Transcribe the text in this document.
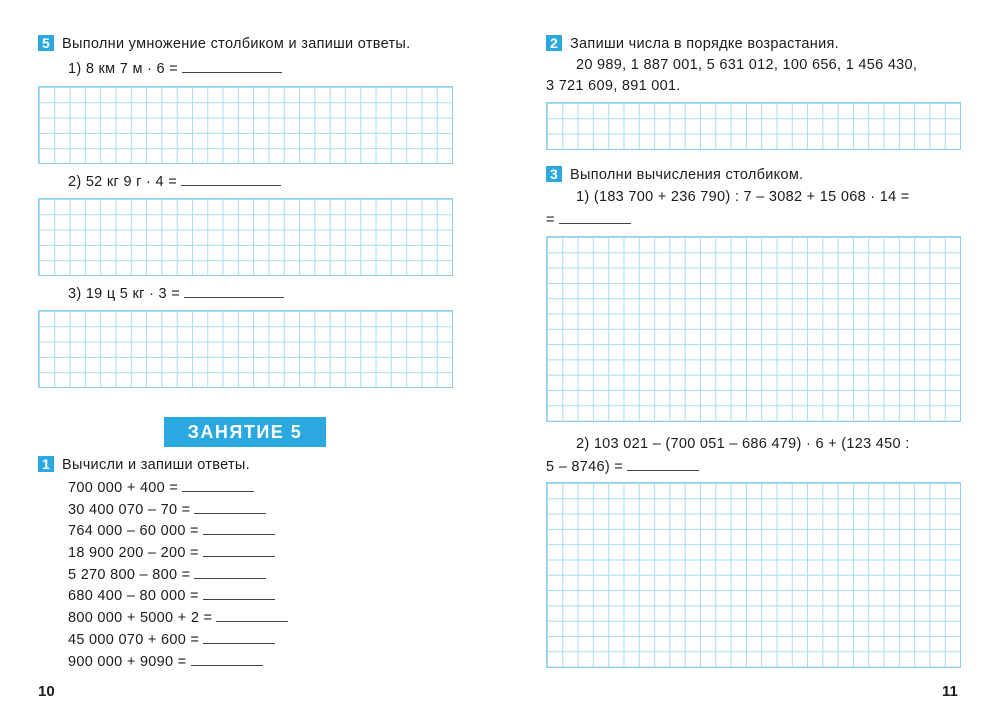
5 Выполни умножение столбиком и запиши ответы.
1) 8 км 7 м · 6 =
2) 52 кг 9 г · 4 =
3) 19 ц 5 кг · 3 =
ЗАНЯТИЕ 5
1 Вычисли и запиши ответы.
700 000 + 400 =
30 400 070 – 70 =
764 000 – 60 000 =
18 900 200 – 200 =
5 270 800 – 800 =
680 400 – 80 000 =
800 000 + 5000 + 2 =
45 000 070 + 600 =
900 000 + 9090 =
10
2 Запиши числа в порядке возрастания.
20 989, 1 887 001, 5 631 012, 100 656, 1 456 430,
3 721 609, 891 001.
3 Выполни вычисления столбиком.
1) (183 700 + 236 790) : 7 – 3082 + 15 068 · 14 =
=
2) 103 021 – (700 051 – 686 479) · 6 + (123 450 :
5 – 8746) =
11
